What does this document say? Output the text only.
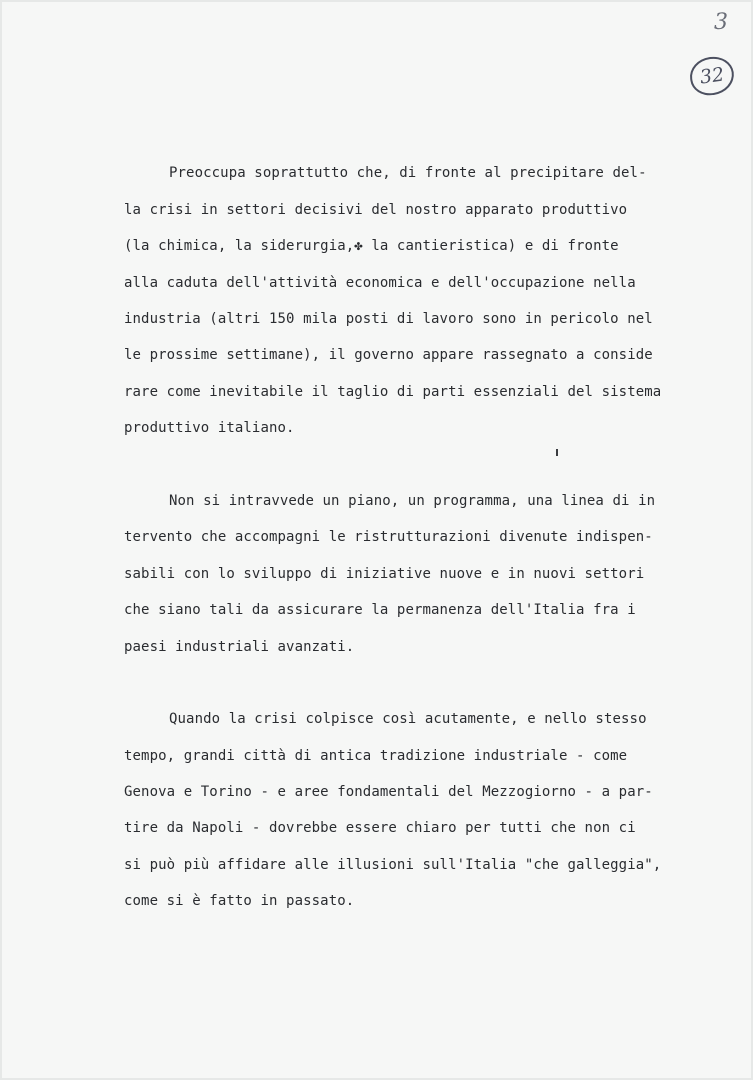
3
32
Preoccupa soprattutto che, di fronte al precipitare del-
la crisi in settori decisivi del nostro apparato produttivo
(la chimica, la siderurgia,✤ la cantieristica) e di fronte
alla caduta dell'attività economica e dell'occupazione nella
industria (altri 150 mila posti di lavoro sono in pericolo nel
le prossime settimane), il governo appare rassegnato a conside
rare come inevitabile il taglio di parti essenziali del sistema
produttivo italiano.
Non si intravvede un piano, un programma, una linea di in
tervento che accompagni le ristrutturazioni divenute indispen-
sabili con lo sviluppo di iniziative nuove e in nuovi settori
che siano tali da assicurare la permanenza dell'Italia fra i
paesi industriali avanzati.
Quando la crisi colpisce così acutamente, e nello stesso
tempo, grandi città di antica tradizione industriale - come
Genova e Torino - e aree fondamentali del Mezzogiorno - a par-
tire da Napoli - dovrebbe essere chiaro per tutti che non ci
si può più affidare alle illusioni sull'Italia "che galleggia",
come si è fatto in passato.
